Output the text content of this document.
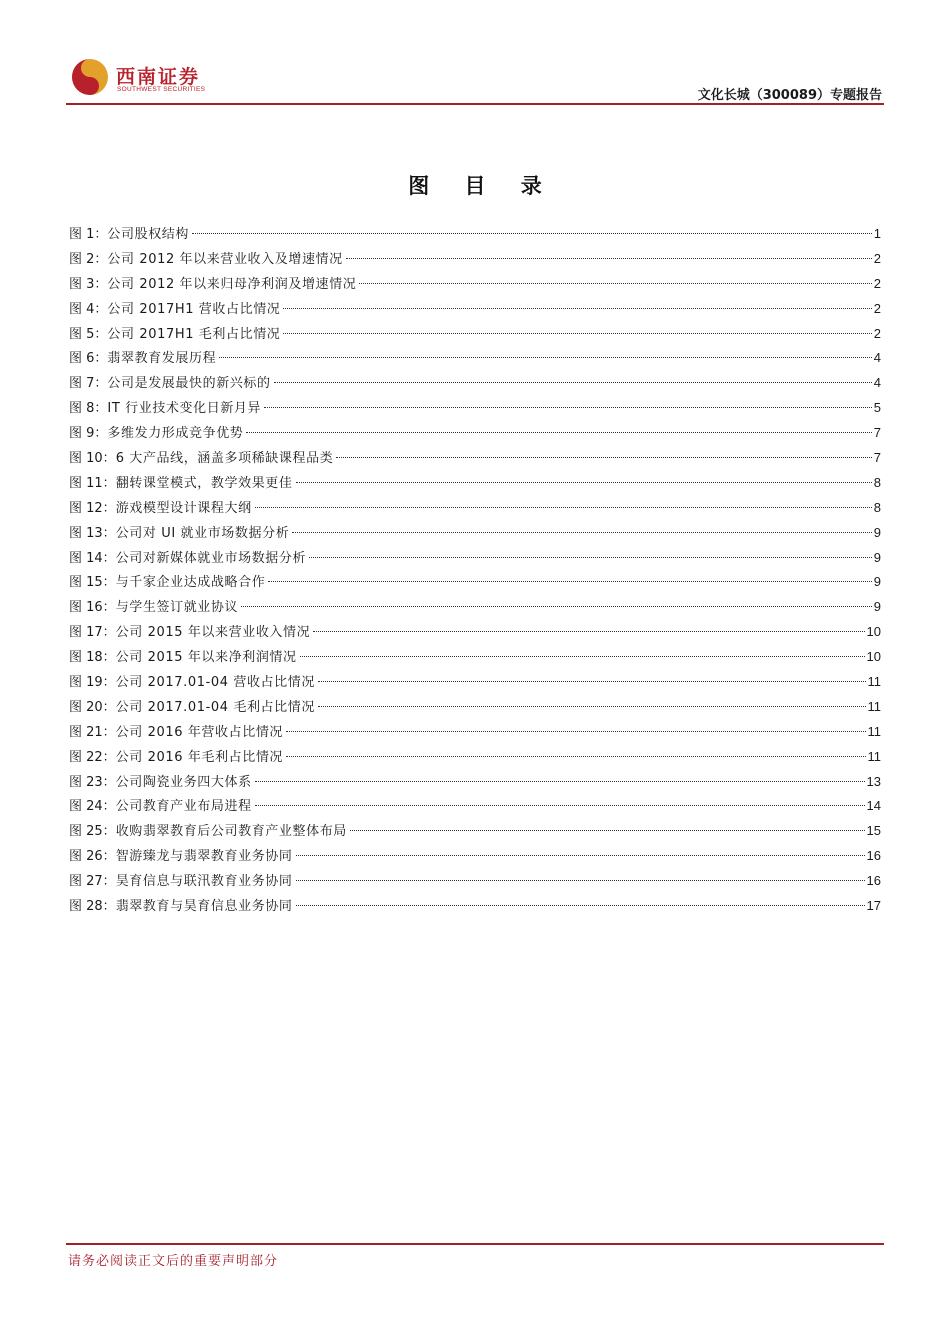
西南证券
SOUTHWEST SECURITIES	文化长城（300089）专题报告
图 目 录
图 1： 公司股权结构	1
图 2： 公司 2012 年以来营业收入及增速情况	2
图 3： 公司 2012 年以来归母净利润及增速情况	2
图 4： 公司 2017H1 营收占比情况	2
图 5： 公司 2017H1 毛利占比情况	2
图 6： 翡翠教育发展历程	4
图 7： 公司是发展最快的新兴标的	4
图 8： IT 行业技术变化日新月异	5
图 9： 多维发力形成竞争优势	7
图 10： 6 大产品线，涵盖多项稀缺课程品类	7
图 11： 翻转课堂模式，教学效果更佳	8
图 12： 游戏模型设计课程大纲	8
图 13： 公司对 UI 就业市场数据分析	9
图 14： 公司对新媒体就业市场数据分析	9
图 15： 与千家企业达成战略合作	9
图 16： 与学生签订就业协议	9
图 17： 公司 2015 年以来营业收入情况	10
图 18： 公司 2015 年以来净利润情况	10
图 19： 公司 2017.01-04 营收占比情况	11
图 20： 公司 2017.01-04 毛利占比情况	11
图 21： 公司 2016 年营收占比情况	11
图 22： 公司 2016 年毛利占比情况	11
图 23： 公司陶瓷业务四大体系	13
图 24： 公司教育产业布局进程	14
图 25： 收购翡翠教育后公司教育产业整体布局	15
图 26： 智游臻龙与翡翠教育业务协同	16
图 27： 昊育信息与联汛教育业务协同	16
图 28： 翡翠教育与昊育信息业务协同	17
请务必阅读正文后的重要声明部分
